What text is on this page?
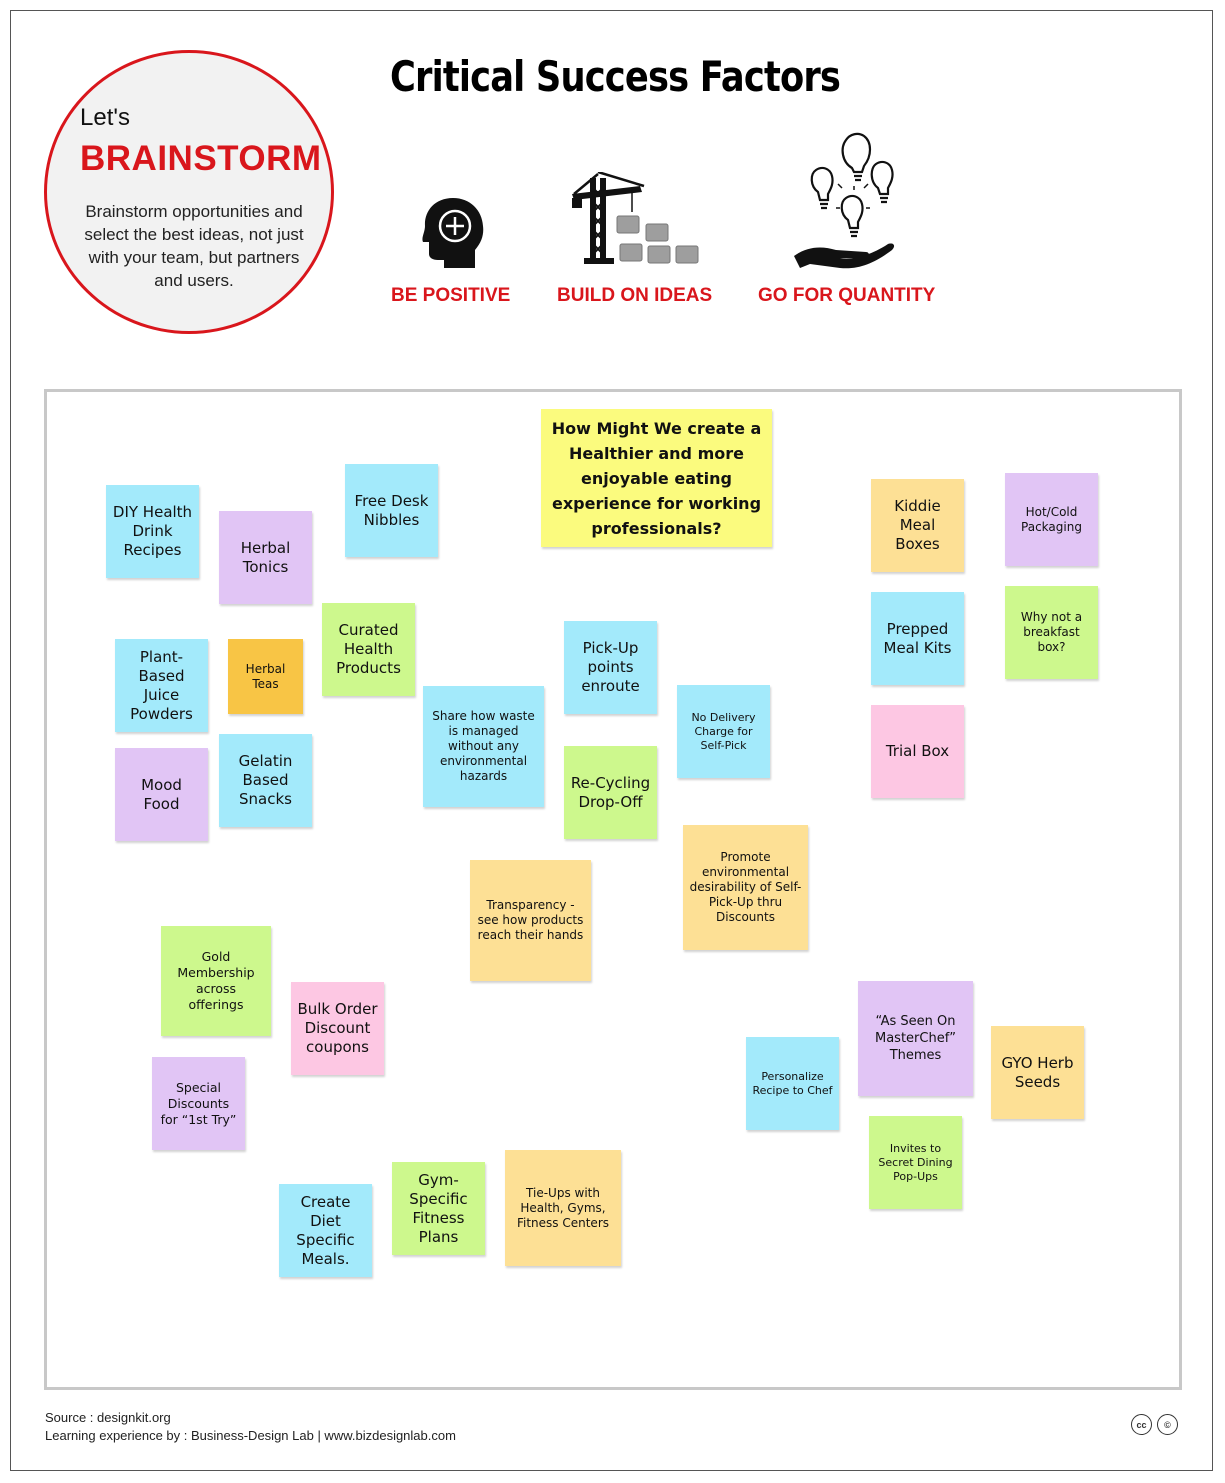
Let's
BRAINSTORM
Brainstorm opportunities and select the best ideas, not just with your team, but partners and users.
Critical Success Factors
BE POSITIVE BUILD ON IDEAS GO FOR QUANTITY
How Might We create a Healthier and more enjoyable eating experience for working professionals?
DIY Health Drink Recipes	Herbal Tonics
Free Desk Nibbles
Curated Health Products
Plant-Based Juice Powders
Herbal Teas
Mood Food
Gelatin Based Snacks
Share how waste is managed without any environmental hazards
Pick-Up points enroute
No Delivery Charge for Self-Pick
Re-Cycling Drop-Off
Kiddie Meal Boxes
Hot/Cold Packaging
Prepped Meal Kits
Why not a breakfast box?
Trial Box
Promote environmental desirability of Self-Pick-Up thru Discounts
Transparency - see how products reach their hands
Gold Membership across offerings	Bulk Order Discount coupons
Special Discounts for “1st Try”
“As Seen On MasterChef” Themes	GYO Herb Seeds
Personalize Recipe to Chef
Invites to Secret Dining Pop-Ups
Create Diet Specific Meals.
Gym-Specific Fitness Plans
Tie-Ups with Health, Gyms, Fitness Centers
Source : designkit.org
Learning experience by : Business-Design Lab | www.bizdesignlab.com
cc	©
